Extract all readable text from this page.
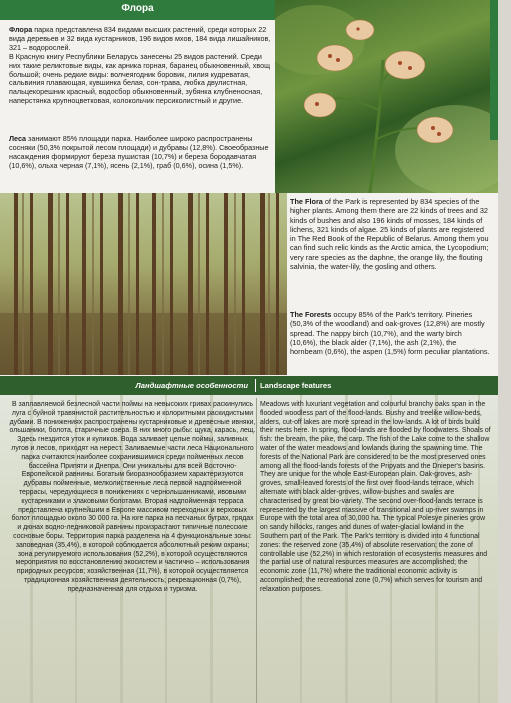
Флора

Флора парка представлена 834 видами высших растений, среди которых 22 вида деревьев и 32 вида кустарников, 196 видов мхов, 184 вида лишайников, 321 – водорослей.

В Красную книгу Республики Беларусь занесены 25 видов растений. Среди них такие реликтовые виды, как арника горная, баранец обыкновенный, хвощ большой; очень редкие виды: волчеягодник боровик, лилия кудреватая, сальвиния плавающая, кувшинка белая, сон-трава, любка двулистная, пальцекорешник красный, водосбор обыкновенный, зубянка клубненосная, наперстянка крупноцветковая, колокольчик персиколистный и другие.

Леса занимают 85% площади парка. Наиболее широко распространены сосняки (50,3% покрытой лесом площади) и дубравы (12,8%). Своеобразные насаждения формируют береза пушистая (10,7%) и береза бородавчатая (10,6%), ольха черная (7,1%), ясень (2,1%), граб (0,6%), осина (1,5%).

The Flora of the Park is represented by 834 species of the higher plants. Among them there are 22 kinds of trees and 32 kinds of bushes and also 196 kinds of mosses, 184 kinds of lichens, 321 kinds of algae. 25 kinds of plants are registered in The Red Book of the Republic of Belarus. Among them you can find such relic kinds as the Arctic arnica, the Lycopodium; very rare species as the daphne, the orange lily, the flouting salvinia, the water-lily, the gosling and others.

The Forests occupy 85% of the Park's territory. Pineries (50,3% of the woodland) and oak-groves (12,8%) are mostly spread. The nappy birch (10,7%), and the warty birch (10,6%), the black alder (7,1%), the ash (2,1%), the hornbeam (0,6%), the aspen (1,5%) form peculiar plantations.

Ландшафтные особенности	Landscape features
В заплавляемой безлесной части поймы на невысоких гривах раскинулись луга с буйной травянистой растительностью и колоритными раскидистыми дубами. В понижениях распространены кустарниковые и древесные ивняки, ольшаники, болота, старичные озера. В них много рыбы: щука, карась, лещ. Здесь гнездится уток и куликов. Вода заливает целые поймы, заливных лугов и лесов, приходят на нерест. Заливаемые части леса Национального парка считаются наиболее сохранившимися среди пойменных лесов бассейна Припяти и Днепра. Они уникальны для всей Восточно-Европейской равнины. Богатым биоразнообразием характеризуются дубравы пойменные, мелколиственные леса первой надпойменной террасы, чередующиеся в понижениях с чернольшанниками, ивовыми кустарниками и злаковыми болотами. Вторая надпойменная терраса представлена крупнейшим в Европе массивом переходных и верховых болот площадью около 30 000 га. На юге парка на песчаных буграх, грядах и дюнах водно-ледниковой равнины произрастают типичные полесские сосновые боры. Территория парка разделена на 4 функциональные зоны: заповедная (35,4%), в которой соблюдается абсолютный режим охраны; зона регулируемого использования (52,2%), в которой осуществляются мероприятия по восстановлению экосистем и частично – использования природных ресурсов; хозяйственная (11,7%), в которой осуществляется традиционная хозяйственная деятельность; рекреационная (0,7%), предназначенная для отдыха и туризма.
Meadows with luxuriant vegetation and colourful branchy oaks span in the flooded woodless part of the flood-lands. Bushy and treelike willow-beds, alders, cut-off lakes are more spread in the low-lands. A lot of birds build their nests here. In spring, flood-lands are flooded by floodwaters. Shoals of fish: the bream, the pike, the carp. The fish of the Lake come to the shallow water of the water meadows and lowlands during the spawning time. The forests of the National Park are considered to be the most preserved ones among all the flood-lands forests of the Pripyats and the Dnieper's basins. They are unique for the whole East-European plain. Oak-groves, ash-groves, small-leaved forests of the first over flood-lands terrace, which alternate with black alder-groves, willow-bushes and swales are characterised by great bio-variety. The second over-flood-lands terrace is represented by the largest massive of transitional and up-river swamps in Europe with the total area of 30,000 ha. The typical Polesye pineries grow on sandy hillocks, ranges and dunes of water-glacial lowland in the Southern part of the Park. The Park's territory is divided into 4 functional zones: the reserved zone (35,4%) of absolute reservation; the zone of controllable use (52,2%) in which restoration of ecosystems measures and the partial use of natural resources measures are accomplished; the economic zone (11,7%) where the traditional economic activity is accomplished; the recreational zone (0,7%) which serves for tourism and relaxation purposes.
